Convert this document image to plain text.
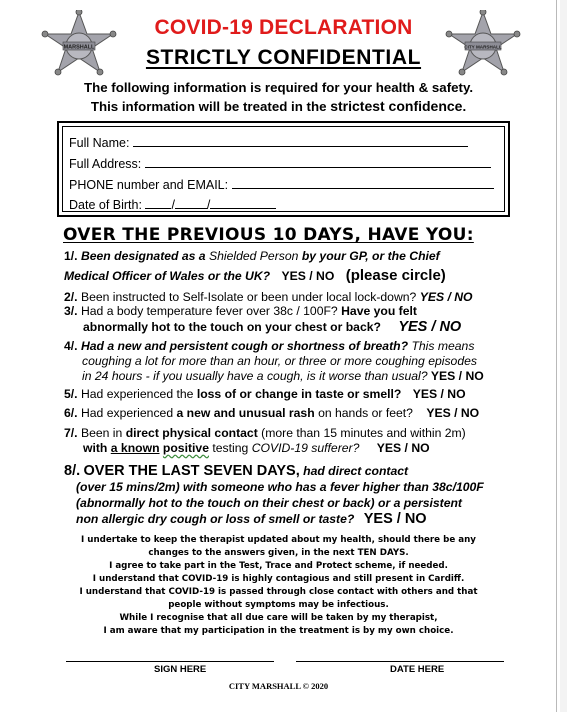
MARSHALL	CITY MARSHALL
COVID-19 DECLARATION
STRICTLY CONFIDENTIAL
The following information is required for your health & safety.
This information will be treated in the strictest confidence.
Full Name:
Full Address:
PHONE number and EMAIL:
Date of Birth: /	/
OVER THE PREVIOUS 10 DAYS, HAVE YOU:
1/. Been designated as a Shielded Person by your GP, or the Chief
Medical Officer of Wales or the UK? YES / NO (please circle)
2/. Been instructed to Self-Isolate or been under local lock-down? YES / NO
3/. Had a body temperature fever over 38c / 100F? Have you felt
abnormally hot to the touch on your chest or back? YES / NO
4/. Had a new and persistent cough or shortness of breath? This means
coughing a lot for more than an hour, or three or more coughing episodes
in 24 hours - if you usually have a cough, is it worse than usual? YES / NO
5/. Had experienced the loss of or change in taste or smell? YES / NO
6/. Had experienced a new and unusual rash on hands or feet? YES / NO
7/. Been in direct physical contact (more than 15 minutes and within 2m)
with a known positive testing COVID-19 sufferer? YES / NO
8/. OVER THE LAST SEVEN DAYS, had direct contact
(over 15 mins/2m) with someone who has a fever higher than 38c/100F
(abnormally hot to the touch on their chest or back) or a persistent
non allergic dry cough or loss of smell or taste? YES / NO
I undertake to keep the therapist updated about my health, should there be any
changes to the answers given, in the next TEN DAYS.
I agree to take part in the Test, Trace and Protect scheme, if needed.
I understand that COVID-19 is highly contagious and still present in Cardiff.
I understand that COVID-19 is passed through close contact with others and that
people without symptoms may be infectious.
While I recognise that all due care will be taken by my therapist,
I am aware that my participation in the treatment is by my own choice.
SIGN HERE	DATE HERE
CITY MARSHALL © 2020
